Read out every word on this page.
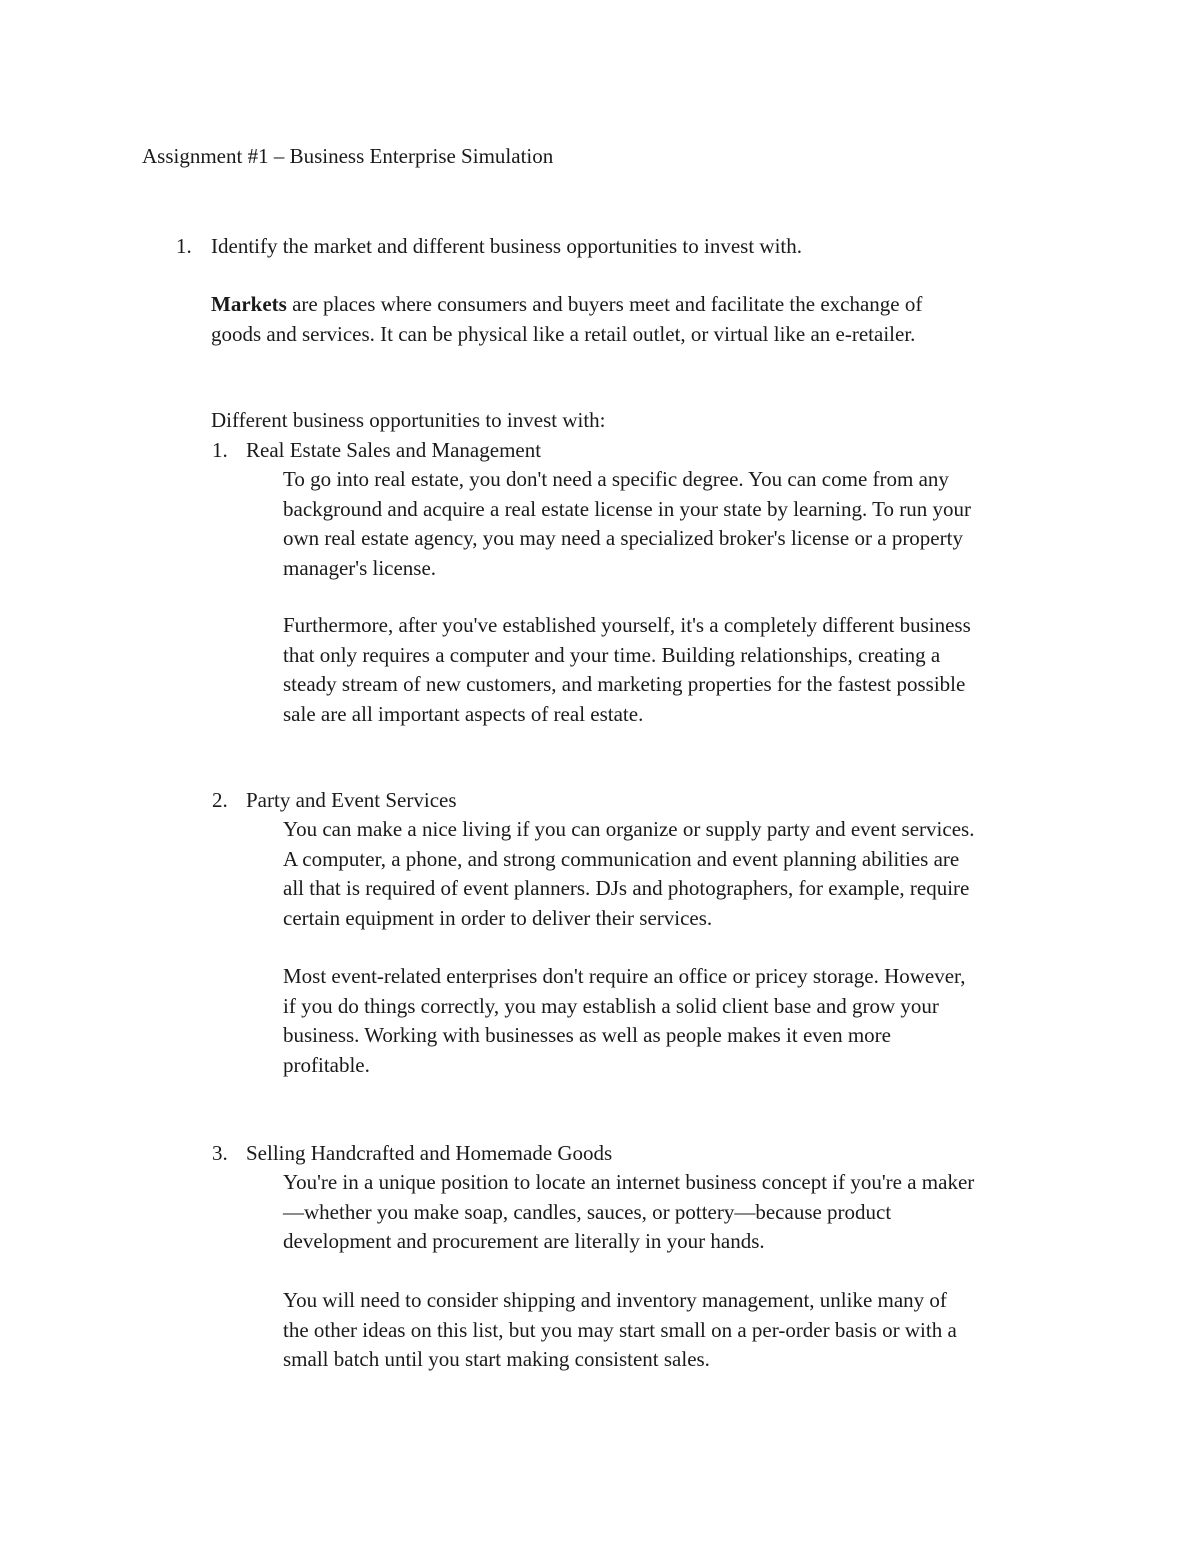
Assignment #1 – Business Enterprise Simulation
1. Identify the market and different business opportunities to invest with.
Markets are places where consumers and buyers meet and facilitate the exchange of
goods and services. It can be physical like a retail outlet, or virtual like an e-retailer.
Different business opportunities to invest with:
1. Real Estate Sales and Management
To go into real estate, you don't need a specific degree. You can come from any
background and acquire a real estate license in your state by learning. To run your
own real estate agency, you may need a specialized broker's license or a property
manager's license.
Furthermore, after you've established yourself, it's a completely different business
that only requires a computer and your time. Building relationships, creating a
steady stream of new customers, and marketing properties for the fastest possible
sale are all important aspects of real estate.
2. Party and Event Services
You can make a nice living if you can organize or supply party and event services.
A computer, a phone, and strong communication and event planning abilities are
all that is required of event planners. DJs and photographers, for example, require
certain equipment in order to deliver their services.
Most event-related enterprises don't require an office or pricey storage. However,
if you do things correctly, you may establish a solid client base and grow your
business. Working with businesses as well as people makes it even more
profitable.
3. Selling Handcrafted and Homemade Goods
You're in a unique position to locate an internet business concept if you're a maker
—whether you make soap, candles, sauces, or pottery—because product
development and procurement are literally in your hands.
You will need to consider shipping and inventory management, unlike many of
the other ideas on this list, but you may start small on a per-order basis or with a
small batch until you start making consistent sales.
